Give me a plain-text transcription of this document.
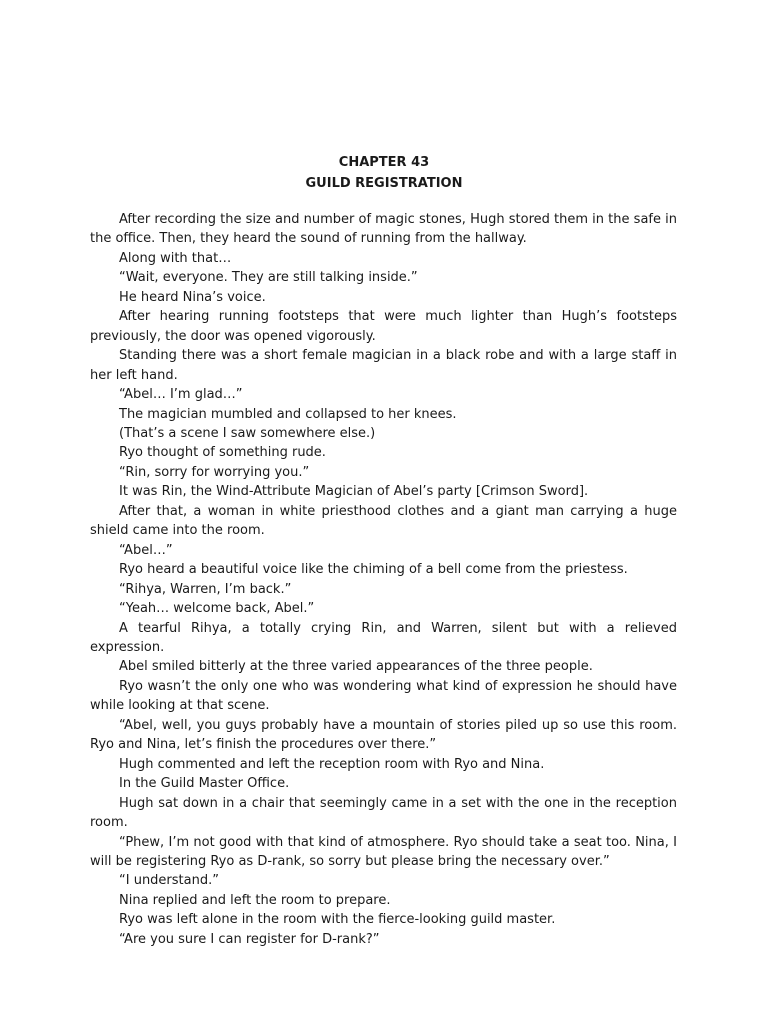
CHAPTER 43
GUILD REGISTRATION

After recording the size and number of magic stones, Hugh stored them in the safe in the office. Then, they heard the sound of running from the hallway.

Along with that…

“Wait, everyone. They are still talking inside.”

He heard Nina’s voice.

After hearing running footsteps that were much lighter than Hugh’s footsteps previously, the door was opened vigorously.

Standing there was a short female magician in a black robe and with a large staff in her left hand.

“Abel… I’m glad…”

The magician mumbled and collapsed to her knees.

(That’s a scene I saw somewhere else.)

Ryo thought of something rude.

“Rin, sorry for worrying you.”

It was Rin, the Wind-Attribute Magician of Abel’s party [Crimson Sword].

After that, a woman in white priesthood clothes and a giant man carrying a huge shield came into the room.

“Abel…”

Ryo heard a beautiful voice like the chiming of a bell come from the priestess.

“Rihya, Warren, I’m back.”

“Yeah… welcome back, Abel.”

A tearful Rihya, a totally crying Rin, and Warren, silent but with a relieved expression.

Abel smiled bitterly at the three varied appearances of the three people.

Ryo wasn’t the only one who was wondering what kind of expression he should have while looking at that scene.

“Abel, well, you guys probably have a mountain of stories piled up so use this room. Ryo and Nina, let’s finish the procedures over there.”

Hugh commented and left the reception room with Ryo and Nina.

In the Guild Master Office.

Hugh sat down in a chair that seemingly came in a set with the one in the reception room.

“Phew, I’m not good with that kind of atmosphere. Ryo should take a seat too. Nina, I will be registering Ryo as D-rank, so sorry but please bring the necessary over.”

“I understand.”

Nina replied and left the room to prepare.

Ryo was left alone in the room with the fierce-looking guild master.

“Are you sure I can register for D-rank?”
